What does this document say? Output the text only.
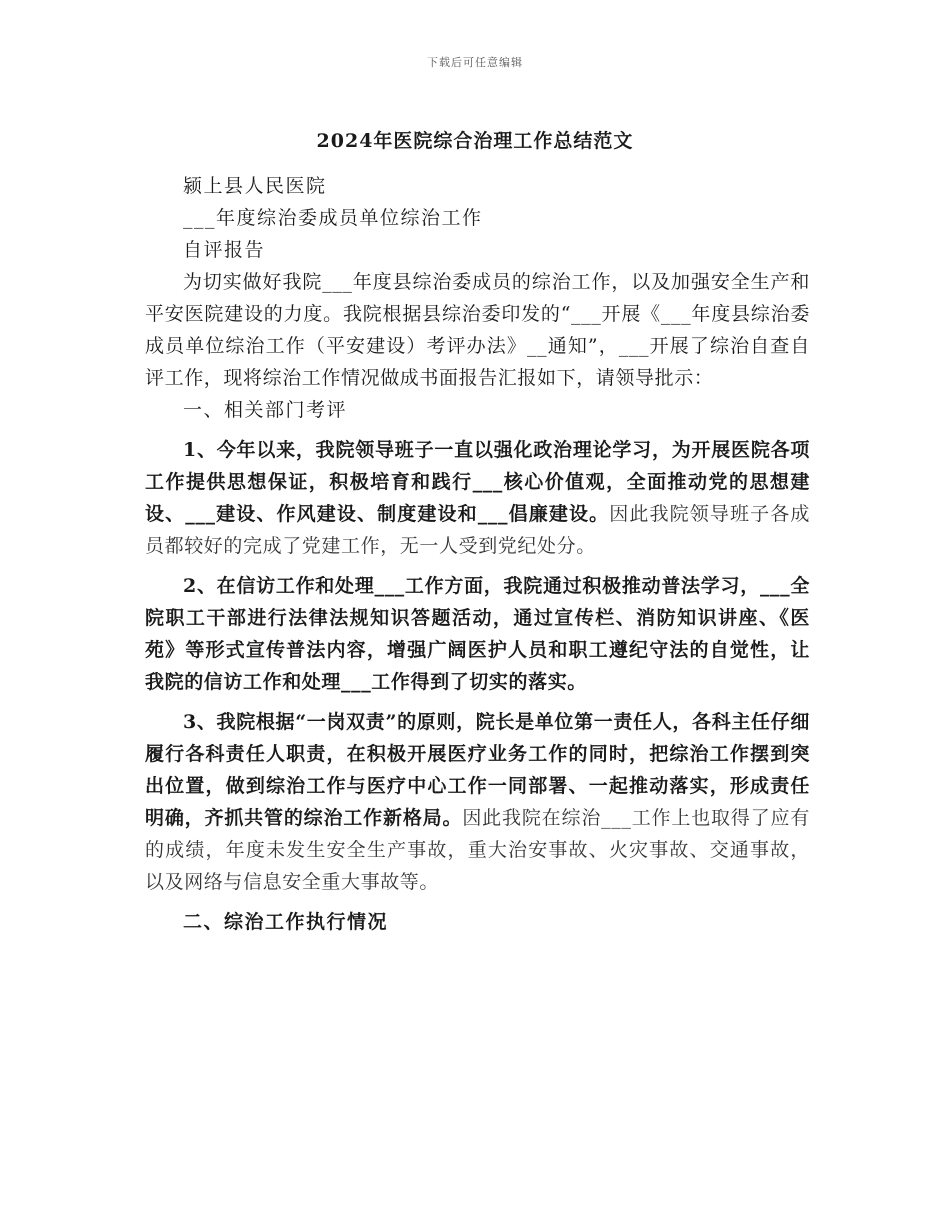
下载后可任意编辑
2024年医院综合治理工作总结范文

颍上县人民医院

___年度综治委成员单位综治工作

自评报告

为切实做好我院___年度县综治委成员的综治工作，以及加强安全生产和平安医院建设的力度。我院根据县综治委印发的“___开展《___年度县综治委成员单位综治工作（平安建设）考评办法》__通知”，___开展了综治自查自评工作，现将综治工作情况做成书面报告汇报如下，请领导批示：

一、相关部门考评

1、今年以来，我院领导班子一直以强化政治理论学习，为开展医院各项工作提供思想保证，积极培育和践行___核心价值观，全面推动党的思想建设、___建设、作风建设、制度建设和___倡廉建设。因此我院领导班子各成员都较好的完成了党建工作，无一人受到党纪处分。

2、在信访工作和处理___工作方面，我院通过积极推动普法学习，___全院职工干部进行法律法规知识答题活动，通过宣传栏、消防知识讲座、《医苑》等形式宣传普法内容，增强广阔医护人员和职工遵纪守法的自觉性，让我院的信访工作和处理___工作得到了切实的落实。

3、我院根据“一岗双责”的原则，院长是单位第一责任人，各科主任仔细履行各科责任人职责，在积极开展医疗业务工作的同时，把综治工作摆到突出位置，做到综治工作与医疗中心工作一同部署、一起推动落实，形成责任明确，齐抓共管的综治工作新格局。因此我院在综治___工作上也取得了应有的成绩，年度未发生安全生产事故，重大治安事故、火灾事故、交通事故，以及网络与信息安全重大事故等。

二、综治工作执行情况
